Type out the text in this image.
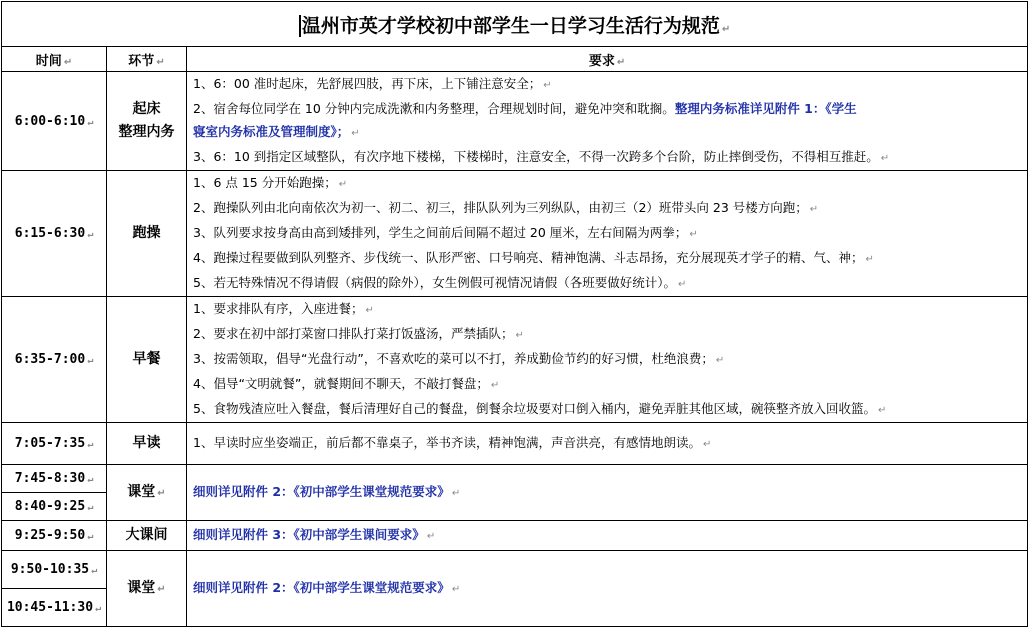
温州市英才学校初中部学生一日学习生活行为规范 ↵		
时间 ↵	环节 ↵	要求 ↵
6:00-6:10 ↵	起床
整理内务	1、6：00 准时起床，先舒展四肢，再下床，上下铺注意安全； ↵
2、宿舍每位同学在 10 分钟内完成洗漱和内务整理，合理规划时间，避免冲突和耽搁。整理内务标准详见附件 1：《学生
寝室内务标准及管理制度》； ↵
3、6：10 到指定区域整队，有次序地下楼梯，下楼梯时，注意安全，不得一次跨多个台阶，防止摔倒受伤，不得相互推赶。 ↵

6:15-6:30 ↵	跑操	1、6 点 15 分开始跑操； ↵
2、跑操队列由北向南依次为初一、初二、初三，排队队列为三列纵队，由初三（2）班带头向 23 号楼方向跑； ↵
3、队列要求按身高由高到矮排列，学生之间前后间隔不超过 20 厘米，左右间隔为两拳； ↵
4、跑操过程要做到队列整齐、步伐统一、队形严密、口号响亮、精神饱满、斗志昂扬，充分展现英才学子的精、气、神； ↵
5、若无特殊情况不得请假（病假的除外），女生例假可视情况请假（各班要做好统计）。 ↵

6:35-7:00 ↵	早餐	1、要求排队有序，入座进餐； ↵
2、要求在初中部打菜窗口排队打菜打饭盛汤，严禁插队； ↵
3、按需领取，倡导“光盘行动”，不喜欢吃的菜可以不打，养成勤俭节约的好习惯，杜绝浪费； ↵
4、倡导“文明就餐”，就餐期间不聊天，不敲打餐盘； ↵
5、食物残渣应吐入餐盘，餐后清理好自己的餐盘，倒餐余垃圾要对口倒入桶内，避免弄脏其他区域，碗筷整齐放入回收篮。 ↵

7:05-7:35 ↵	早读	1、早读时应坐姿端正，前后都不靠桌子，举书齐读，精神饱满，声音洪亮，有感情地朗读。 ↵

7:45-8:30 ↵	课堂 ↵	细则详见附件 2：《初中部学生课堂规范要求》 ↵
8:40-9:25 ↵		
9:25-9:50 ↵	大课间	细则详见附件 3：《初中部学生课间要求》 ↵
9:50-10:35 ↵	课堂 ↵	细则详见附件 2：《初中部学生课堂规范要求》 ↵
10:45-11:30 ↵		
